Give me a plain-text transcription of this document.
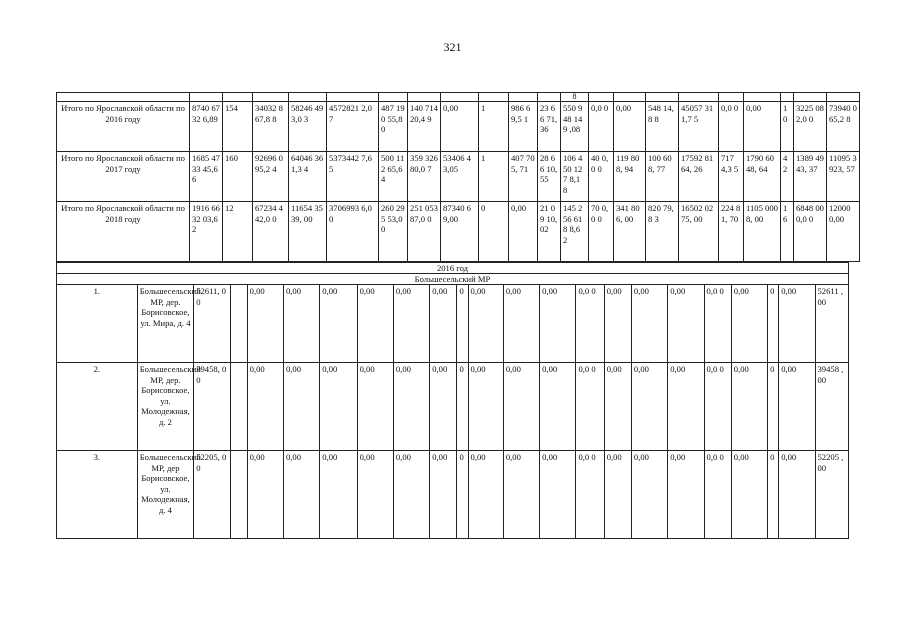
321
												8									
Итого по Ярославской области по 2016 году	8740 6732 6,89	154	34032 867,8 8	58246 493,0 3	4572821 2,07	487 190 55,8 0	140 714 20,4 9	0,00	1	986 69,5 1	23 66 71, 36	550 948 149 ,08	0,0 0	0,00	548 14,8 8	45057 311,7 5	0,0 0	0,00	1 0	3225 082,0 0	73940 065,2 8
Итого по Ярославской области по 2017 году	1685 4733 45,6 6	160	92696 095,2 4	64046 361,3 4	5373442 7,65	500 112 65,6 4	359 326 80,0 7	53406 43,05	1	407 705, 71	28 66 10, 55	106 450 127 8,1 8	40 0,0 0	119 808, 94	100 608, 77	17592 8164, 26	717 4,3 5	1790 6048, 64	4 2	1389 4943, 37	11095 3923, 57
Итого по Ярославской области по 2018 году	1916 6632 03,6 2	12	67234 442,0 0	11654 3539, 00	3706993 6,00	260 295 53,0 0	251 053 87,0 0	87340 69,00	0	0,00	21 09 10, 02	145 256 618 8,6 2	70 0,0 0	341 806, 00	820 79,8 3	16502 0275, 00	224 81, 70	1105 0008, 00	1 6	6848 000,0 0	12000 0,00
2016 год																						
Большесельский МР																						
1.	Большесельский МР, дер. Борисовское, ул. Мира, д. 4	52611, 00		0,00	0,00	0,00	0,00	0,00	0,00	0	0,00	0,00	0,00	0,0 0	0,00	0,00	0,00	0,0 0	0,00	0	0,00	52611 ,00
2.	Большесельский МР, дер. Борисовское, ул. Молодежная, д. 2	39458, 00		0,00	0,00	0,00	0,00	0,00	0,00	0	0,00	0,00	0,00	0,0 0	0,00	0,00	0,00	0,0 0	0,00	0	0,00	39458 ,00
3.	Большесельский МР, дер Борисовское, ул. Молодежная, д. 4	52205, 00		0,00	0,00	0,00	0,00	0,00	0,00	0	0,00	0,00	0,00	0,0 0	0,00	0,00	0,00	0,0 0	0,00	0	0,00	52205 ,00
